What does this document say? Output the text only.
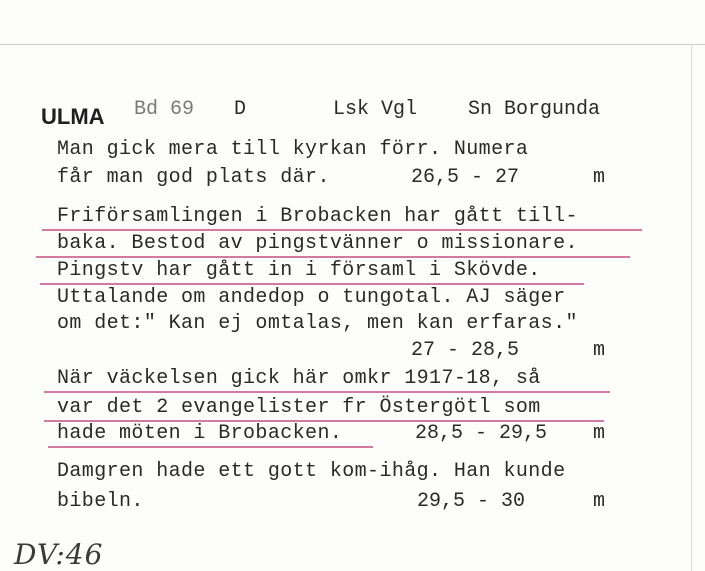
ULMA Bd 69 D	Lsk Vgl	Sn Borgunda
Man gick mera till kyrkan förr. Numera
får man god plats där.	26,5 - 27	m
Friförsamlingen i Brobacken har gått till-
baka. Bestod av pingstvänner o missionare.
Pingstv har gått in i församl i Skövde.
Uttalande om andedop o tungotal. AJ säger
om det:" Kan ej omtalas, men kan erfaras."
27 - 28,5	m
När väckelsen gick här omkr 1917-18, så
var det 2 evangelister fr Östergötl som
hade möten i Brobacken.	28,5 - 29,5 m
Damgren hade ett gott kom-ihåg. Han kunde
bibeln.	29,5 - 30	m
DV:46
